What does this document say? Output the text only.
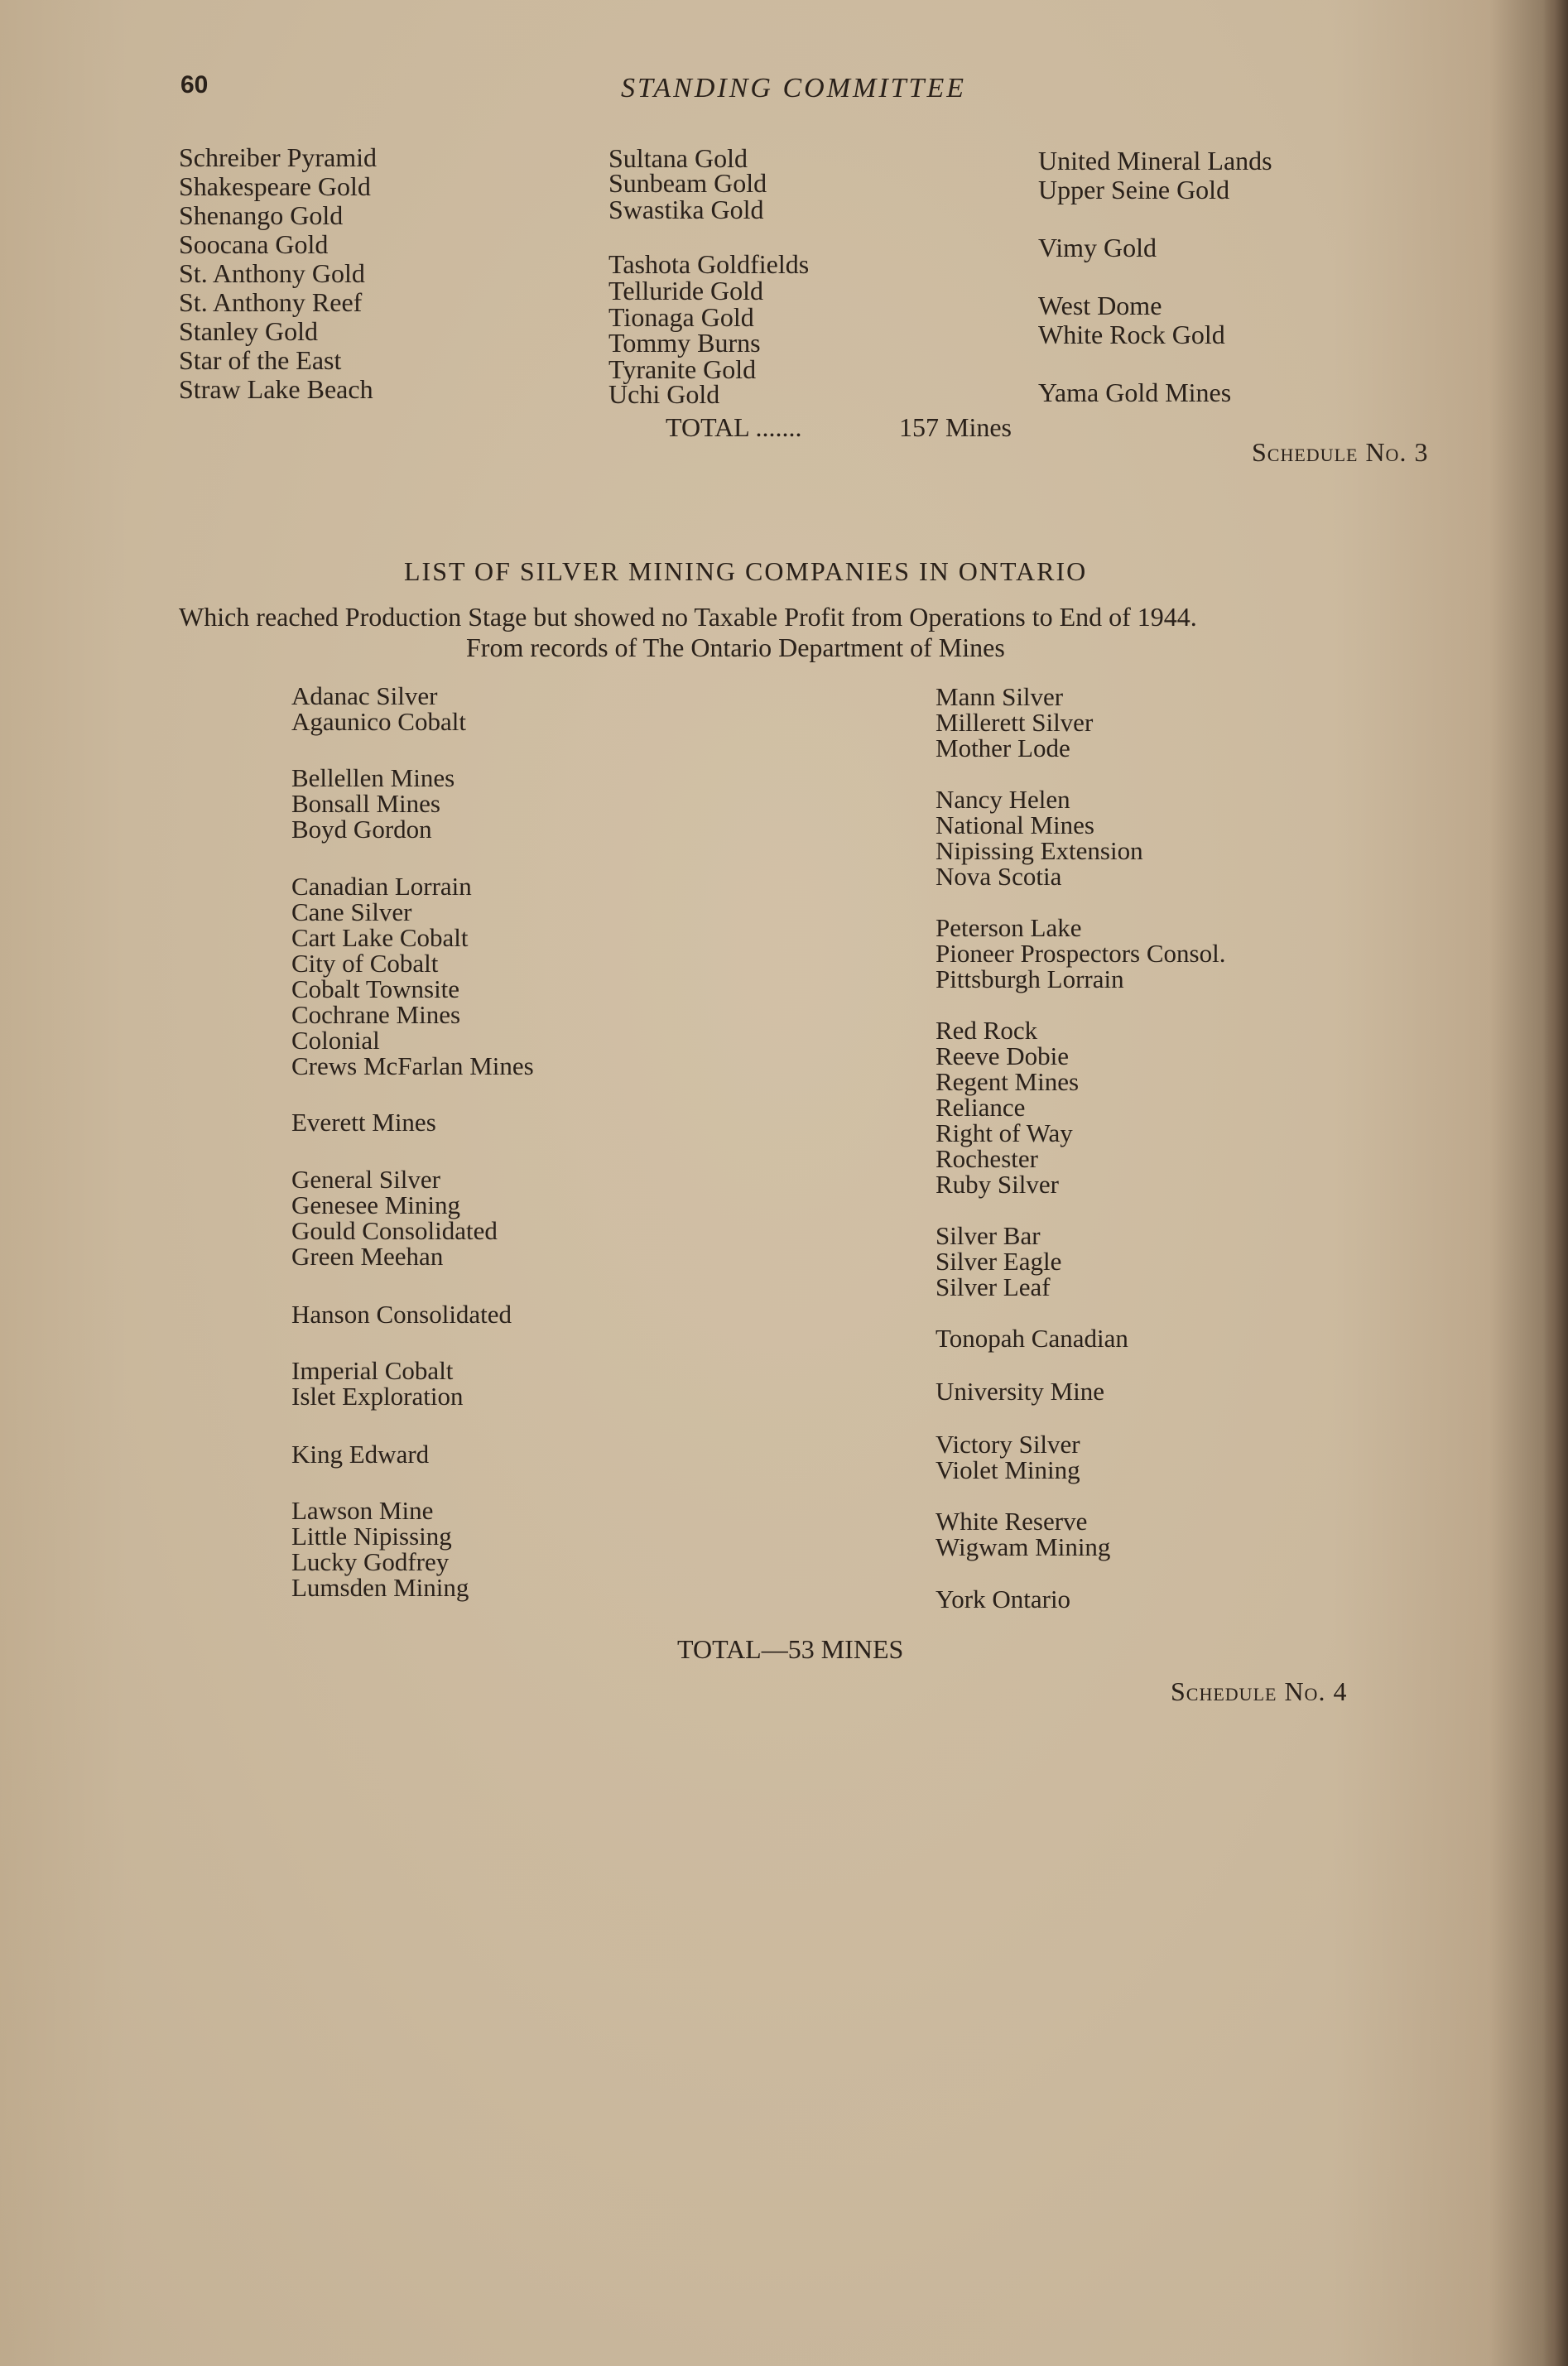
60	STANDING COMMITTEE
Schreiber Pyramid
Shakespeare Gold
Shenango Gold
Soocana Gold
St. Anthony Gold
St. Anthony Reef
Stanley Gold
Star of the East
Straw Lake Beach
Sultana Gold
Sunbeam Gold
Swastika Gold
Tashota Goldfields
Telluride Gold
Tionaga Gold
Tommy Burns
Tyranite Gold
Uchi Gold
United Mineral Lands
Upper Seine Gold
Vimy Gold
West Dome
White Rock Gold
Yama Gold Mines
TOTAL .......	157 Mines
Schedule No. 3
LIST OF SILVER MINING COMPANIES IN ONTARIO
Which reached Production Stage but showed no Taxable Profit from Operations to End of 1944.
From records of The Ontario Department of Mines
Adanac Silver
Agaunico Cobalt
Bellellen Mines
Bonsall Mines
Boyd Gordon
Canadian Lorrain
Cane Silver
Cart Lake Cobalt
City of Cobalt
Cobalt Townsite
Cochrane Mines
Colonial
Crews McFarlan Mines
Everett Mines
General Silver
Genesee Mining
Gould Consolidated
Green Meehan
Hanson Consolidated
Imperial Cobalt
Islet Exploration
King Edward
Lawson Mine
Little Nipissing
Lucky Godfrey
Lumsden Mining
Mann Silver
Millerett Silver
Mother Lode
Nancy Helen
National Mines
Nipissing Extension
Nova Scotia
Peterson Lake
Pioneer Prospectors Consol.
Pittsburgh Lorrain
Red Rock
Reeve Dobie
Regent Mines
Reliance
Right of Way
Rochester
Ruby Silver
Silver Bar
Silver Eagle
Silver Leaf
Tonopah Canadian
University Mine
Victory Silver
Violet Mining
White Reserve
Wigwam Mining
York Ontario
TOTAL—53 MINES
Schedule No. 4
